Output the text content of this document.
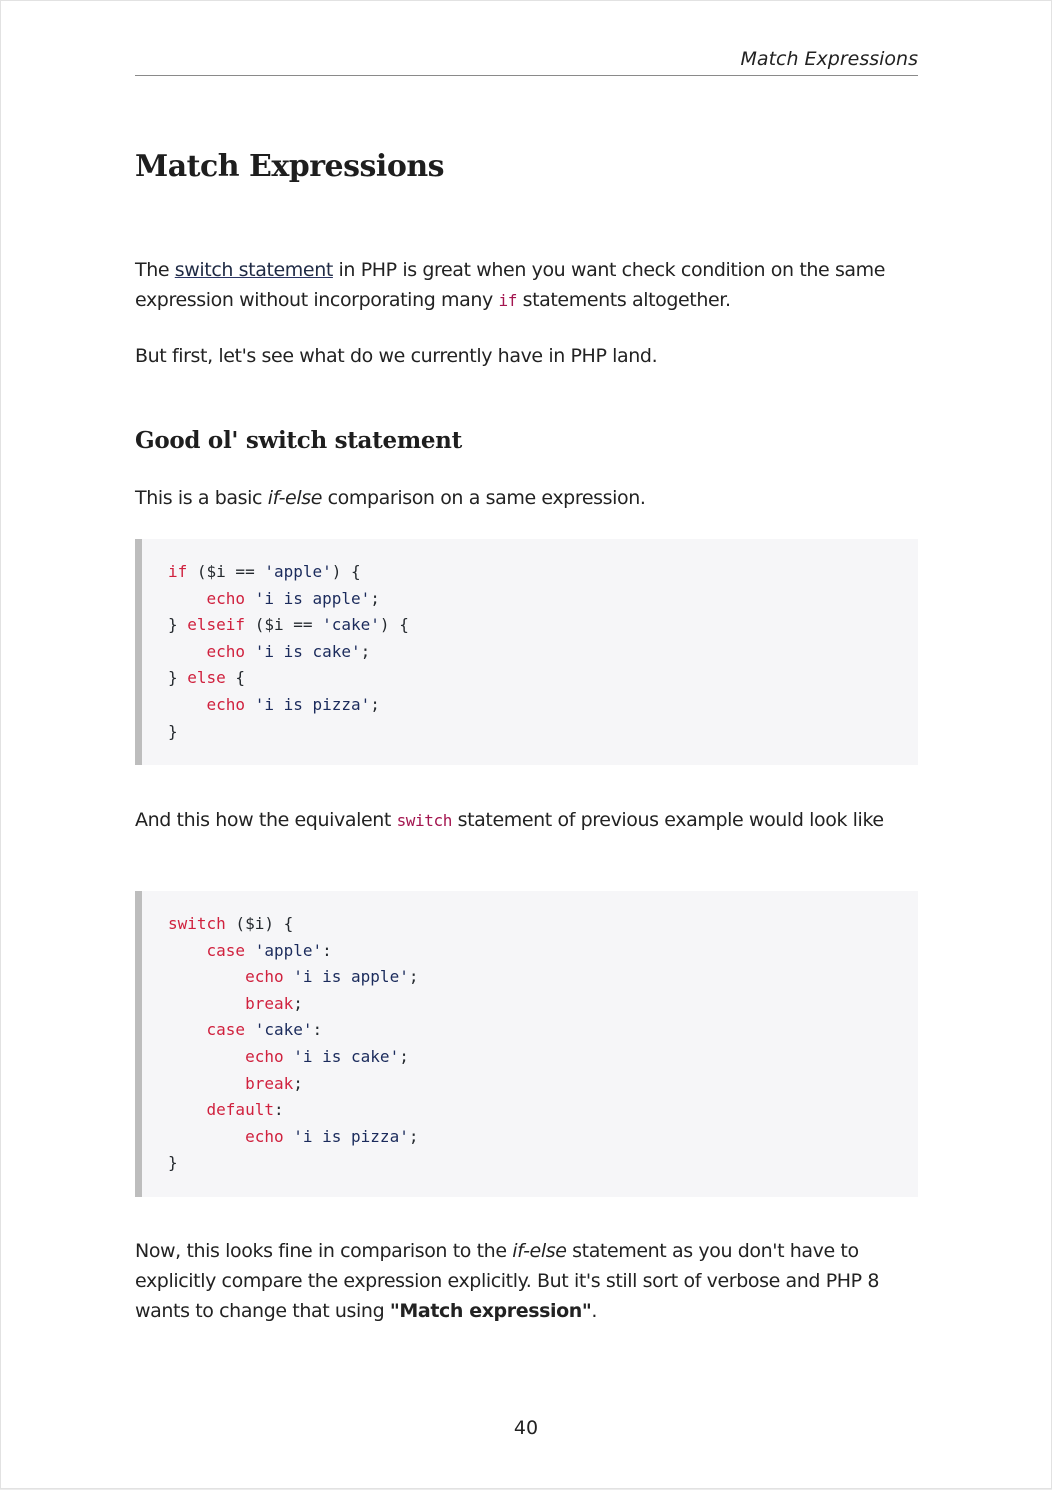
Match Expressions
Match Expressions

The switch statement in PHP is great when you want check condition on the same expression without incorporating many if statements altogether.

But first, let's see what do we currently have in PHP land.

Good ol' switch statement

This is a basic if-else comparison on a same expression.

if ($i == 'apple') {
echo 'i is apple';
} elseif ($i == 'cake') {
echo 'i is cake';
} else {
echo 'i is pizza';
}

And this how the equivalent switch statement of previous example would look like

switch ($i) {
case 'apple':
echo 'i is apple';
break;
case 'cake':
echo 'i is cake';
break;
default:
echo 'i is pizza';
}

Now, this looks fine in comparison to the if-else statement as you don't have to explicitly compare the expression explicitly. But it's still sort of verbose and PHP 8 wants to change that using "Match expression".

40
